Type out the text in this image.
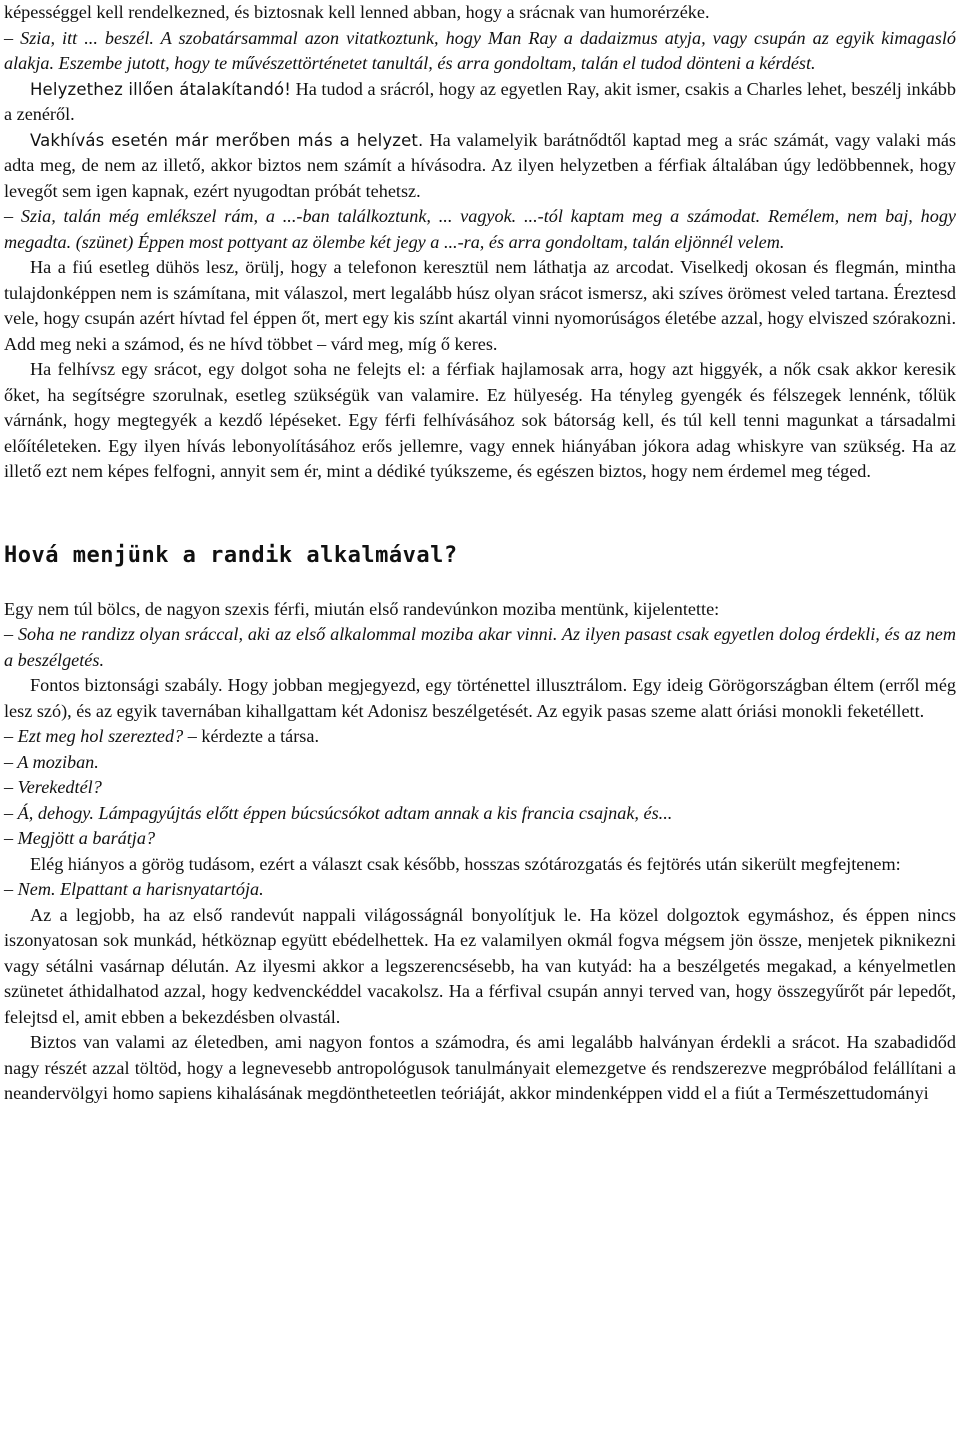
képességgel kell rendelkezned, és biztosnak kell lenned abban, hogy a srácnak van humorérzéke.

– Szia, itt ... beszél. A szobatársammal azon vitatkoztunk, hogy Man Ray a dadaizmus atyja, vagy csupán az egyik kimagasló alakja. Eszembe jutott, hogy te művészettörténetet tanultál, és arra gondoltam, talán el tudod dönteni a kérdést.

Helyzethez illően átalakítandó! Ha tudod a srácról, hogy az egyetlen Ray, akit ismer, csakis a Charles lehet, beszélj inkább a zenéről.

Vakhívás esetén már merőben más a helyzet. Ha valamelyik barátnődtől kaptad meg a srác számát, vagy valaki más adta meg, de nem az illető, akkor biztos nem számít a hívásodra. Az ilyen helyzetben a férfiak általában úgy ledöbbennek, hogy levegőt sem igen kapnak, ezért nyugodtan próbát tehetsz.

– Szia, talán még emlékszel rám, a ...-ban találkoztunk, ... vagyok. ...-tól kaptam meg a számodat. Remélem, nem baj, hogy megadta. (szünet) Éppen most pottyant az ölembe két jegy a ...-ra, és arra gondoltam, talán eljönnél velem.

Ha a fiú esetleg dühös lesz, örülj, hogy a telefonon keresztül nem láthatja az arcodat. Viselkedj okosan és flegmán, mintha tulajdonképpen nem is számítana, mit válaszol, mert legalább húsz olyan srácot ismersz, aki szíves örömest veled tartana. Éreztesd vele, hogy csupán azért hívtad fel éppen őt, mert egy kis színt akartál vinni nyomorúságos életébe azzal, hogy elviszed szórakozni. Add meg neki a számod, és ne hívd többet – várd meg, míg ő keres.

Ha felhívsz egy srácot, egy dolgot soha ne felejts el: a férfiak hajlamosak arra, hogy azt higgyék, a nők csak akkor keresik őket, ha segítségre szorulnak, esetleg szükségük van valamire. Ez hülyeség. Ha tényleg gyengék és félszegek lennénk, tőlük várnánk, hogy megtegyék a kezdő lépéseket. Egy férfi felhívásához sok bátorság kell, és túl kell tenni magunkat a társadalmi előítéleteken. Egy ilyen hívás lebonyolításához erős jellemre, vagy ennek hiányában jókora adag whiskyre van szükség. Ha az illető ezt nem képes felfogni, annyit sem ér, mint a dédiké tyúkszeme, és egészen biztos, hogy nem érdemel meg téged.

Hová menjünk a randik alkalmával?

Egy nem túl bölcs, de nagyon szexis férfi, miután első randevúnkon moziba mentünk, kijelentette:

– Soha ne randizz olyan sráccal, aki az első alkalommal moziba akar vinni. Az ilyen pasast csak egyetlen dolog érdekli, és az nem a beszélgetés.

Fontos biztonsági szabály. Hogy jobban megjegyezd, egy történettel illusztrálom. Egy ideig Görögországban éltem (erről még lesz szó), és az egyik tavernában kihallgattam két Adonisz beszélgetését. Az egyik pasas szeme alatt óriási monokli feketéllett.

– Ezt meg hol szerezted? – kérdezte a társa.

– A moziban.

– Verekedtél?

– Á, dehogy. Lámpagyújtás előtt éppen búcsúcsókot adtam annak a kis francia csajnak, és...

– Megjött a barátja?

Elég hiányos a görög tudásom, ezért a választ csak később, hosszas szótározgatás és fejtörés után sikerült megfejtenem:

– Nem. Elpattant a harisnyatartója.

Az a legjobb, ha az első randevút nappali világosságnál bonyolítjuk le. Ha közel dolgoztok egymáshoz, és éppen nincs iszonyatosan sok munkád, hétköznap együtt ebédelhettek. Ha ez valamilyen okmál fogva mégsem jön össze, menjetek piknikezni vagy sétálni vasárnap délután. Az ilyesmi akkor a legszerencsésebb, ha van kutyád: ha a beszélgetés megakad, a kényelmetlen szünetet áthidalhatod azzal, hogy kedvenckéddel vacakolsz. Ha a férfival csupán annyi terved van, hogy összegyűrőt pár lepedőt, felejtsd el, amit ebben a bekezdésben olvastál.

Biztos van valami az életedben, ami nagyon fontos a számodra, és ami legalább halványan érdekli a srácot. Ha szabadidőd nagy részét azzal töltöd, hogy a legnevesebb antropológusok tanulmányait elemezgetve és rendszerezve megpróbálod felállítani a neandervölgyi homo sapiens kihalásának megdöntheteetlen teóriáját, akkor mindenképpen vidd el a fiút a Természettudományi
